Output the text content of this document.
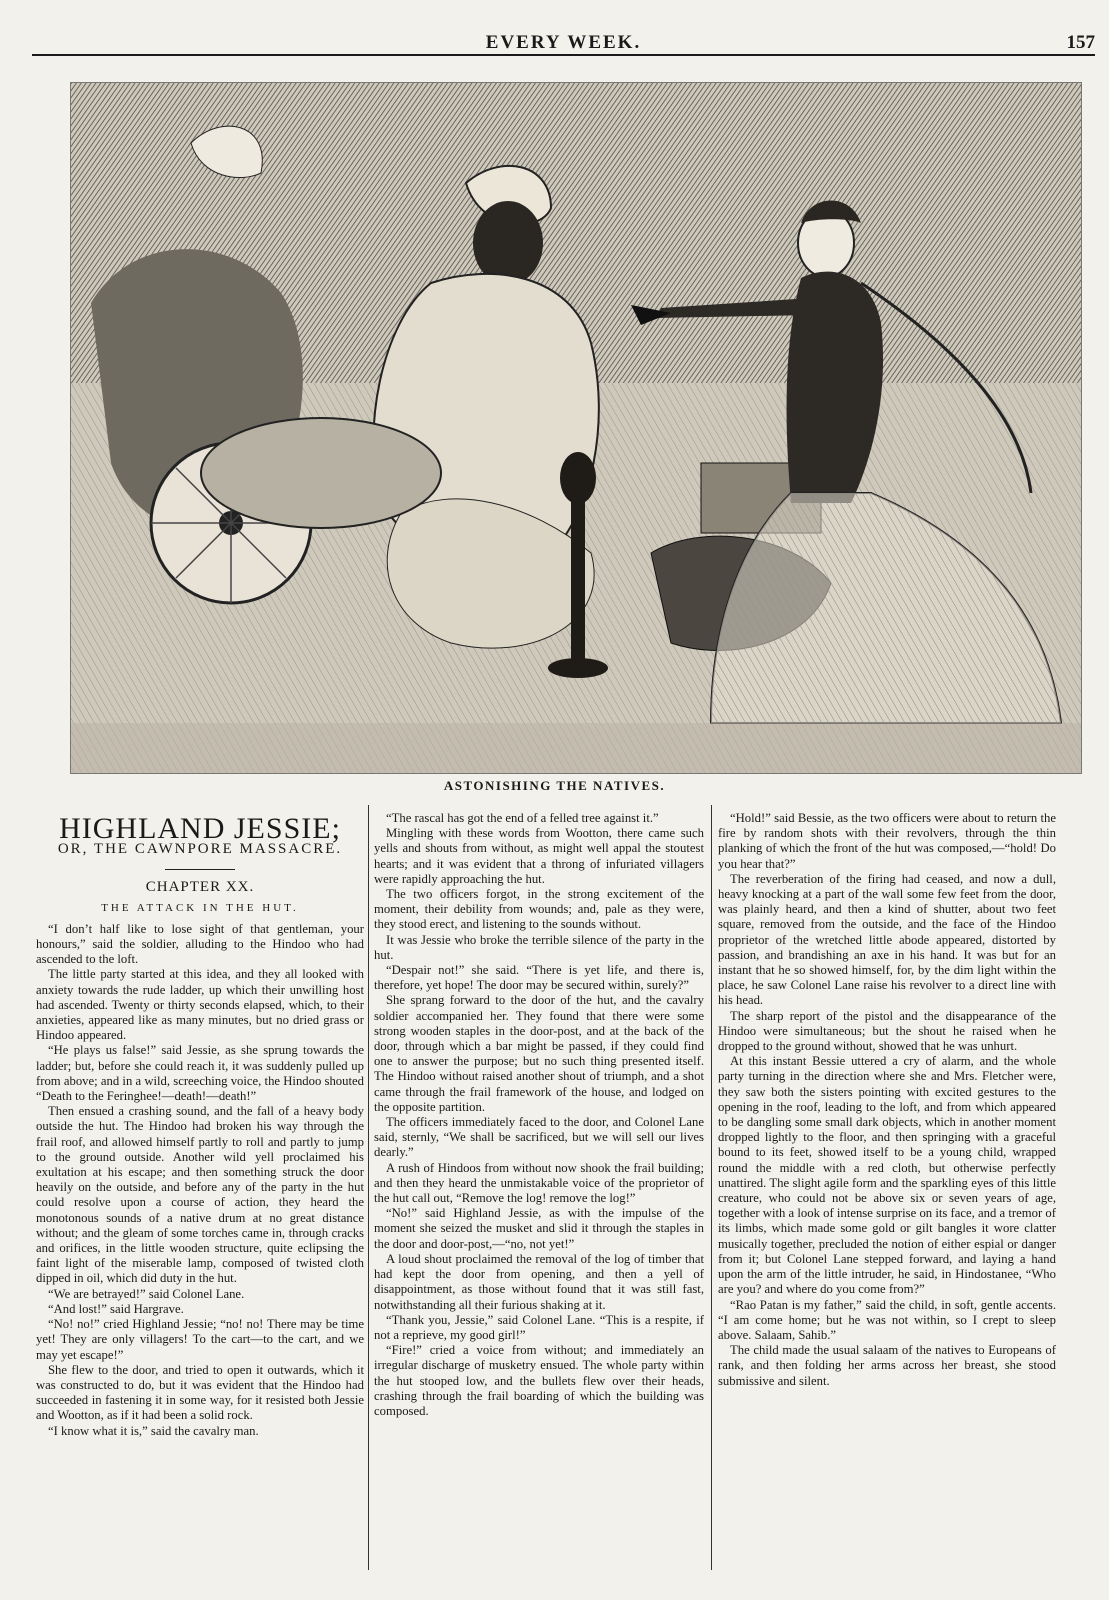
EVERY WEEK.	157
ASTONISHING THE NATIVES.
HIGHLAND JESSIE;
OR, THE CAWNPORE MASSACRE.
CHAPTER XX.
THE ATTACK IN THE HUT.

“I don’t half like to lose sight of that gentleman, your honours,” said the soldier, alluding to the Hindoo who had ascended to the loft.

The little party started at this idea, and they all looked with anxiety towards the rude ladder, up which their unwilling host had ascended. Twenty or thirty seconds elapsed, which, to their anxieties, appeared like as many minutes, but no dried grass or Hindoo appeared.

“He plays us false!” said Jessie, as she sprung towards the ladder; but, before she could reach it, it was suddenly pulled up from above; and in a wild, screeching voice, the Hindoo shouted “Death to the Feringhee!—death!—death!”

Then ensued a crashing sound, and the fall of a heavy body outside the hut. The Hindoo had broken his way through the frail roof, and allowed himself partly to roll and partly to jump to the ground outside. Another wild yell proclaimed his exultation at his escape; and then something struck the door heavily on the outside, and before any of the party in the hut could resolve upon a course of action, they heard the monotonous sounds of a native drum at no great distance without; and the gleam of some torches came in, through cracks and orifices, in the little wooden structure, quite eclipsing the faint light of the miserable lamp, composed of twisted cloth dipped in oil, which did duty in the hut.

“We are betrayed!” said Colonel Lane.

“And lost!” said Hargrave.

“No! no!” cried Highland Jessie; “no! no! There may be time yet! They are only villagers! To the cart—to the cart, and we may yet escape!”

She flew to the door, and tried to open it outwards, which it was constructed to do, but it was evident that the Hindoo had succeeded in fastening it in some way, for it resisted both Jessie and Wootton, as if it had been a solid rock.

“I know what it is,” said the cavalry man.

“The rascal has got the end of a felled tree against it.”

Mingling with these words from Wootton, there came such yells and shouts from without, as might well appal the stoutest hearts; and it was evident that a throng of infuriated villagers were rapidly approaching the hut.

The two officers forgot, in the strong excitement of the moment, their debility from wounds; and, pale as they were, they stood erect, and listening to the sounds without.

It was Jessie who broke the terrible silence of the party in the hut.

“Despair not!” she said. “There is yet life, and there is, therefore, yet hope! The door may be secured within, surely?”

She sprang forward to the door of the hut, and the cavalry soldier accompanied her. They found that there were some strong wooden staples in the door-post, and at the back of the door, through which a bar might be passed, if they could find one to answer the purpose; but no such thing presented itself. The Hindoo without raised another shout of triumph, and a shot came through the frail framework of the house, and lodged on the opposite partition.

The officers immediately faced to the door, and Colonel Lane said, sternly, “We shall be sacrificed, but we will sell our lives dearly.”

A rush of Hindoos from without now shook the frail building; and then they heard the unmistakable voice of the proprietor of the hut call out, “Remove the log! remove the log!”

“No!” said Highland Jessie, as with the impulse of the moment she seized the musket and slid it through the staples in the door and door-post,—“no, not yet!”

A loud shout proclaimed the removal of the log of timber that had kept the door from opening, and then a yell of disappointment, as those without found that it was still fast, notwithstanding all their furious shaking at it.

“Thank you, Jessie,” said Colonel Lane. “This is a respite, if not a reprieve, my good girl!”

“Fire!” cried a voice from without; and immediately an irregular discharge of musketry ensued. The whole party within the hut stooped low, and the bullets flew over their heads, crashing through the frail boarding of which the building was composed.

“Hold!” said Bessie, as the two officers were about to return the fire by random shots with their revolvers, through the thin planking of which the front of the hut was composed,—“hold! Do you hear that?”

The reverberation of the firing had ceased, and now a dull, heavy knocking at a part of the wall some few feet from the door, was plainly heard, and then a kind of shutter, about two feet square, removed from the outside, and the face of the Hindoo proprietor of the wretched little abode appeared, distorted by passion, and brandishing an axe in his hand. It was but for an instant that he so showed himself, for, by the dim light within the place, he saw Colonel Lane raise his revolver to a direct line with his head.

The sharp report of the pistol and the disappearance of the Hindoo were simultaneous; but the shout he raised when he dropped to the ground without, showed that he was unhurt.

At this instant Bessie uttered a cry of alarm, and the whole party turning in the direction where she and Mrs. Fletcher were, they saw both the sisters pointing with excited gestures to the opening in the roof, leading to the loft, and from which appeared to be dangling some small dark objects, which in another moment dropped lightly to the floor, and then springing with a graceful bound to its feet, showed itself to be a young child, wrapped round the middle with a red cloth, but otherwise perfectly unattired. The slight agile form and the sparkling eyes of this little creature, who could not be above six or seven years of age, together with a look of intense surprise on its face, and a tremor of its limbs, which made some gold or gilt bangles it wore clatter musically together, precluded the notion of either espial or danger from it; but Colonel Lane stepped forward, and laying a hand upon the arm of the little intruder, he said, in Hindostanee, “Who are you? and where do you come from?”

“Rao Patan is my father,” said the child, in soft, gentle accents. “I am come home; but he was not within, so I crept to sleep above. Salaam, Sahib.”

The child made the usual salaam of the natives to Europeans of rank, and then folding her arms across her breast, she stood submissive and silent.
